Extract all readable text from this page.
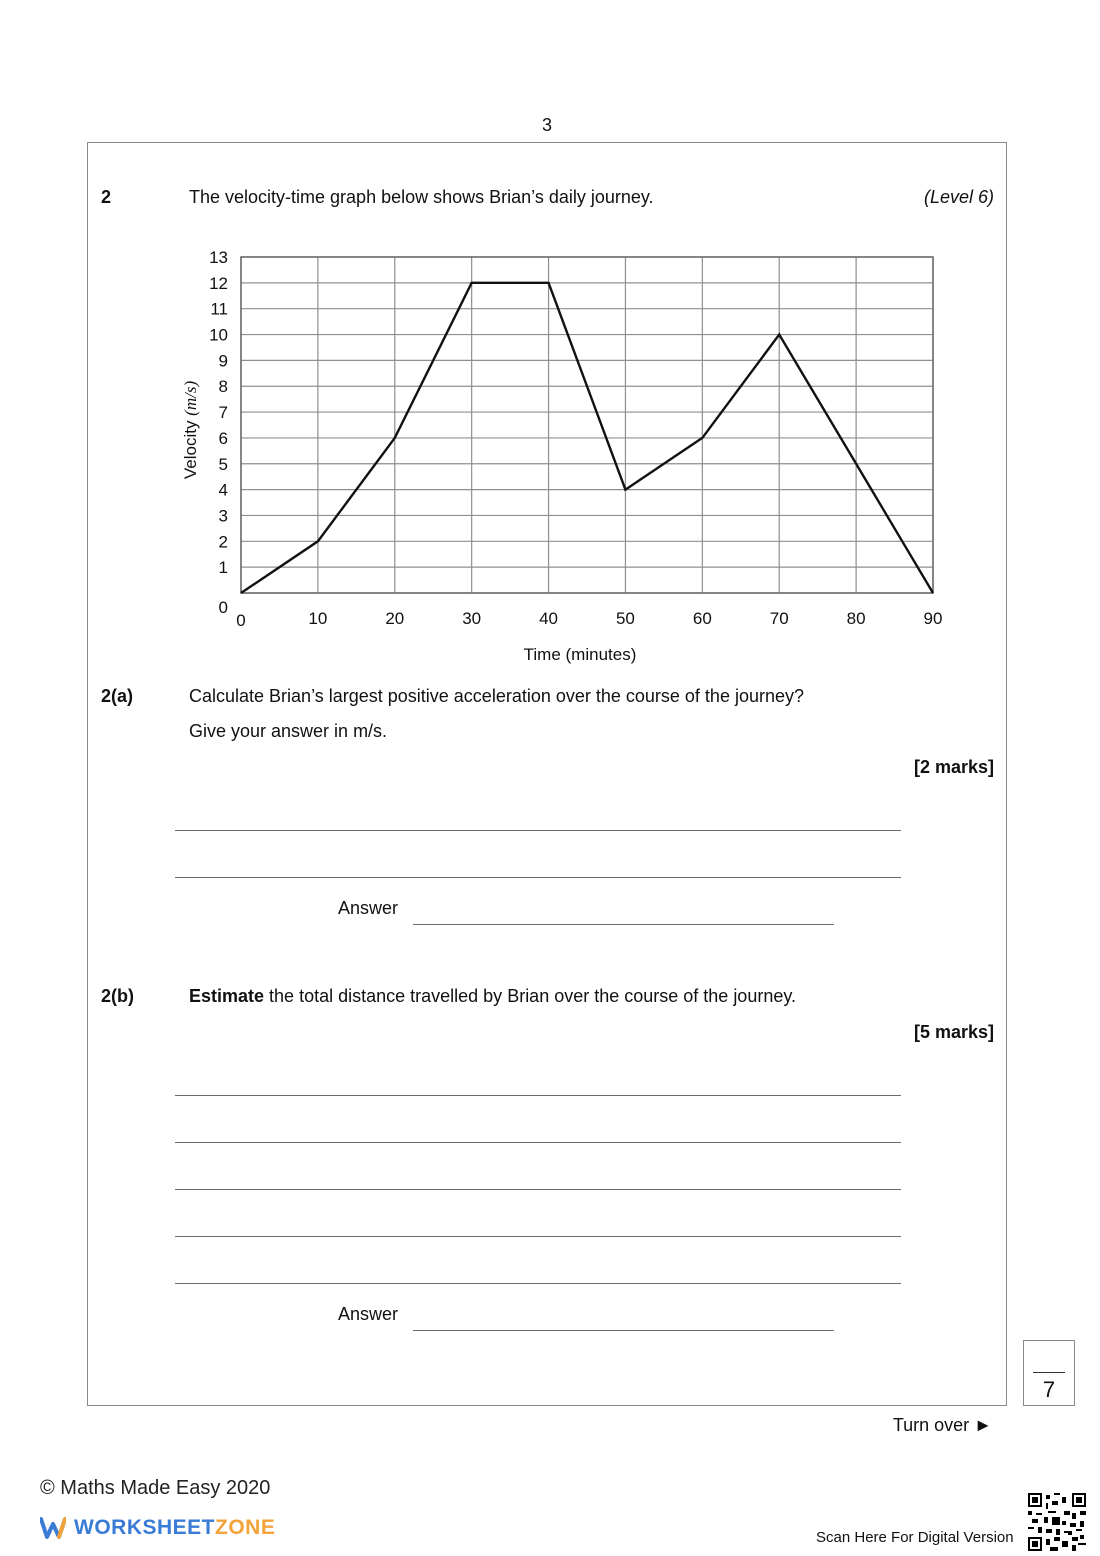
3
2	The velocity-time graph below shows Brian’s daily journey.	(Level 6)
0	10	20	30	40	50	60	70	80	90
0
1
2
3
4
5
6
7
8
9
10
11
12
13
Time (minutes)
Velocity (m/s)
2(a)	Calculate Brian’s largest positive acceleration over the course of the journey?
Give your answer in m/s.
[2 marks]
Answer
2(b)	Estimate the total distance travelled by Brian over the course of the journey.
[5 marks]
Answer
7
Turn over ►
© Maths Made Easy 2020
WORKSHEETZONE	Scan Here For Digital Version
